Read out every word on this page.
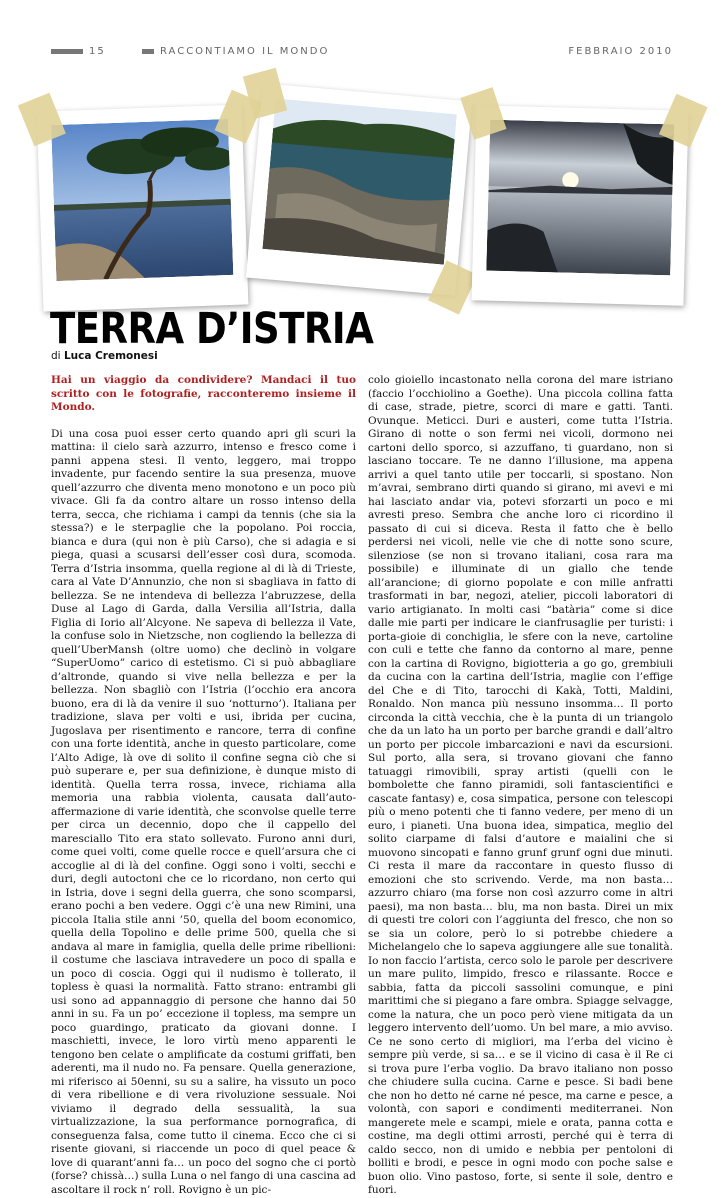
15	RACCONTIAMO IL MONDO	FEBBRAIO 2010
TERRA D’ISTRIA
di Luca Cremonesi

Hai un viaggio da condividere? Mandaci il tuo scritto con le fotografie, racconteremo insieme il Mondo.

Di una cosa puoi esser certo quando apri gli scuri la mattina: il cielo sarà azzurro, intenso e fresco come i panni appena stesi. Il vento, leggero, mai troppo invadente, pur facendo sentire la sua presenza, muove quell’azzurro che diventa meno monotono e un poco più vivace. Gli fa da contro altare un rosso intenso della terra, secca, che richiama i campi da tennis (che sia la stessa?) e le sterpaglie che la popolano. Poi roccia, bianca e dura (qui non è più Carso), che si adagia e si piega, quasi a scusarsi dell’esser così dura, scomoda. Terra d’Istria insomma, quella regione al di là di Trieste, cara al Vate D’Annunzio, che non si sbagliava in fatto di bellezza. Se ne intendeva di bellezza l’abruzzese, della Duse al Lago di Garda, dalla Versilia all’Istria, dalla Figlia di Iorio all’Alcyone. Ne sapeva di bellezza il Vate, la confuse solo in Nietzsche, non cogliendo la bellezza di quell’UberMansh (oltre uomo) che declinò in volgare “SuperUomo” carico di estetismo. Ci si può abbagliare d’altronde, quando si vive nella bellezza e per la bellezza. Non sbagliò con l’Istria (l’occhio era ancora buono, era di là da venire il suo ‘notturno’). Italiana per tradizione, slava per volti e usi, ibrida per cucina, Jugoslava per risentimento e rancore, terra di confine con una forte identità, anche in questo particolare, come l’Alto Adige, là ove di solito il confine segna ciò che si può superare e, per sua definizione, è dunque misto di identità. Quella terra rossa, invece, richiama alla memoria una rabbia violenta, causata dall’auto-affermazione di varie identità, che sconvolse quelle terre per circa un decennio, dopo che il cappello del maresciallo Tito era stato sollevato. Furono anni duri, come quei volti, come quelle rocce e quell’arsura che ci accoglie al di là del confine. Oggi sono i volti, secchi e duri, degli autoctoni che ce lo ricordano, non certo qui in Istria, dove i segni della guerra, che sono scomparsi, erano pochi a ben vedere. Oggi c’è una new Rimini, una piccola Italia stile anni ’50, quella del boom economico, quella della Topolino e delle prime 500, quella che si andava al mare in famiglia, quella delle prime ribellioni: il costume che lasciava intravedere un poco di spalla e un poco di coscia. Oggi qui il nudismo è tollerato, il topless è quasi la normalità. Fatto strano: entrambi gli usi sono ad appannaggio di persone che hanno dai 50 anni in su. Fa un po’ eccezione il topless, ma sempre un poco guardingo, praticato da giovani donne. I maschietti, invece, le loro virtù meno apparenti le tengono ben celate o amplificate da costumi griffati, ben aderenti, ma il nudo no. Fa pensare. Quella generazione, mi riferisco ai 50enni, su su a salire, ha vissuto un poco di vera ribellione e di vera rivoluzione sessuale. Noi viviamo il degrado della sessualità, la sua virtualizzazione, la sua performance pornografica, di conseguenza falsa, come tutto il cinema. Ecco che ci si risente giovani, si riaccende un poco di quel peace & love di quarant’anni fa… un poco del sogno che ci portò (forse? chissà…) sulla Luna o nel fango di una cascina ad ascoltare il rock n’ roll. Rovigno è un pic-

colo gioiello incastonato nella corona del mare istriano (faccio l’occhiolino a Goethe). Una piccola collina fatta di case, strade, pietre, scorci di mare e gatti. Tanti. Ovunque. Meticci. Duri e austeri, come tutta l’Istria. Girano di notte o son fermi nei vicoli, dormono nei cartoni dello sporco, si azzuffano, ti guardano, non si lasciano toccare. Te ne danno l’illusione, ma appena arrivi a quel tanto utile per toccarli, si spostano. Non m’avrai, sembrano dirti quando si girano, mi avevi e mi hai lasciato andar via, potevi sforzarti un poco e mi avresti preso. Sembra che anche loro ci ricordino il passato di cui si diceva. Resta il fatto che è bello perdersi nei vicoli, nelle vie che di notte sono scure, silenziose (se non si trovano italiani, cosa rara ma possibile) e illuminate di un giallo che tende all’arancione; di giorno popolate e con mille anfratti trasformati in bar, negozi, atelier, piccoli laboratori di vario artigianato. In molti casi “batària” come si dice dalle mie parti per indicare le cianfrusaglie per turisti: i porta-gioie di conchiglia, le sfere con la neve, cartoline con culi e tette che fanno da contorno al mare, penne con la cartina di Rovigno, bigiotteria a go go, grembiuli da cucina con la cartina dell’Istria, maglie con l’effige del Che e di Tito, tarocchi di Kakà, Totti, Maldini, Ronaldo. Non manca più nessuno insomma… Il porto circonda la città vecchia, che è la punta di un triangolo che da un lato ha un porto per barche grandi e dall’altro un porto per piccole imbarcazioni e navi da escursioni. Sul porto, alla sera, si trovano giovani che fanno tatuaggi rimovibili, spray artisti (quelli con le bombolette che fanno piramidi, soli fantascientifici e cascate fantasy) e, cosa simpatica, persone con telescopi più o meno potenti che ti fanno vedere, per meno di un euro, i pianeti. Una buona idea, simpatica, meglio del solito ciarpame di falsi d’autore e maialini che si muovono sincopati e fanno grunf grunf ogni due minuti. Ci resta il mare da raccontare in questo flusso di emozioni che sto scrivendo. Verde, ma non basta… azzurro chiaro (ma forse non così azzurro come in altri paesi), ma non basta… blu, ma non basta. Direi un mix di questi tre colori con l’aggiunta del fresco, che non so se sia un colore, però lo si potrebbe chiedere a Michelangelo che lo sapeva aggiungere alle sue tonalità. Io non faccio l’artista, cerco solo le parole per descrivere un mare pulito, limpido, fresco e rilassante. Rocce e sabbia, fatta da piccoli sassolini comunque, e pini marittimi che si piegano a fare ombra. Spiagge selvagge, come la natura, che un poco però viene mitigata da un leggero intervento dell’uomo. Un bel mare, a mio avviso. Ce ne sono certo di migliori, ma l’erba del vicino è sempre più verde, si sa… e se il vicino di casa è il Re ci si trova pure l’erba voglio. Da bravo italiano non posso che chiudere sulla cucina. Carne e pesce. Si badi bene che non ho detto né carne né pesce, ma carne e pesce, a volontà, con sapori e condimenti mediterranei. Non mangerete mele e scampi, miele e orata, panna cotta e costine, ma degli ottimi arrosti, perché qui è terra di caldo secco, non di umido e nebbia per pentoloni di bolliti e brodi, e pesce in ogni modo con poche salse e buon olio. Vino pastoso, forte, si sente il sole, dentro e fuori.
